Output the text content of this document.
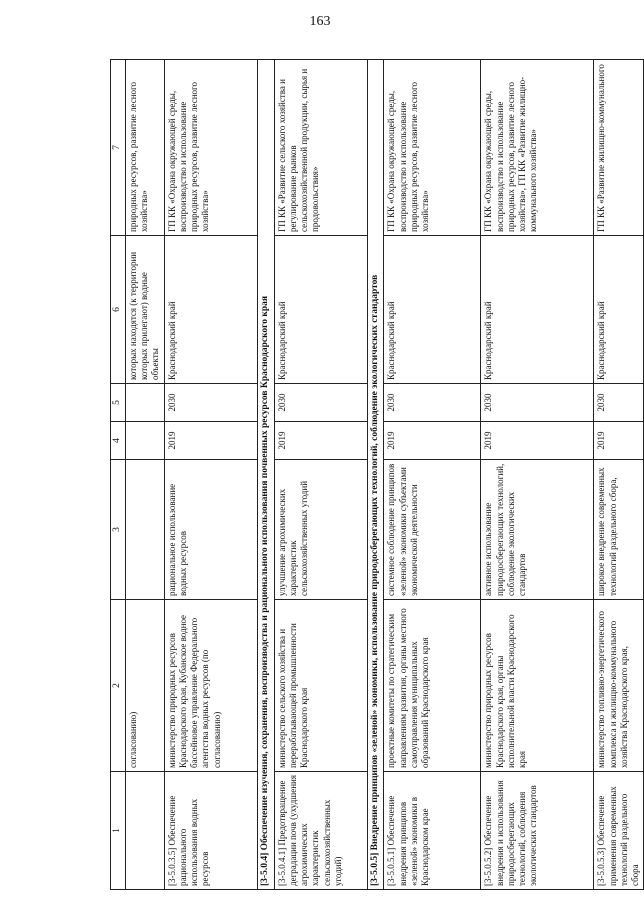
163
1	2	3	4	5	6	7
	согласованию)				которых находятся (к территории которых прилегают) водные объекты	природных ресурсов, развитие лесного хозяйства»
[3-5.0.3.5] Обеспечение рационального использования водных ресурсов	министерство природных ресурсов Краснодарского края, Кубанское водное бассейновое управление Федерального агентства водных ресурсов (по согласованию)	рациональное использование водных ресурсов	2019	2030	Краснодарский край	ГП КК «Охрана окружающей среды, воспроизводство и использование природных ресурсов, развитие лесного хозяйства»
[3-5.0.4] Обеспечение изучения, сохранения, воспроизводства и рационального использования почвенных ресурсов Краснодарского края						
[3-5.0.4.1] Предотвращение деградации почв (ухудшения агрохимических характеристик сельскохозяйственных угодий)	министерство сельского хозяйства и перерабатывающей промышленности Краснодарского края	улучшение агрохимических характеристик сельскохозяйственных угодий	2019	2030	Краснодарский край	ГП КК «Развитие сельского хозяйства и регулирование рынков сельскохозяйственной продукции, сырья и продовольствия»
[3-5.0.5] Внедрение принципов «зеленой» экономики, использование природосберегающих технологий, соблюдение экологических стандартов						
[3-5.0.5.1] Обеспечение внедрения принципов «зеленой» экономики в Краснодарском крае	проектные комитеты по стратегическим направлениям развития, органы местного самоуправления муниципальных образований Краснодарского края	системное соблюдение принципов «зеленой» экономики субъектами экономической деятельности	2019	2030	Краснодарский край	ГП КК «Охрана окружающей среды, воспроизводство и использование природных ресурсов, развитие лесного хозяйства»
[3-5.0.5.2] Обеспечение внедрения и использования природосберегающих технологий, соблюдения экологических стандартов	министерство природных ресурсов Краснодарского края, органы исполнительной власти Краснодарского края	активное использование природосберегающих технологий, соблюдение экологических стандартов	2019	2030	Краснодарский край	ГП КК «Охрана окружающей среды, воспроизводство и использование природных ресурсов, развитие лесного хозяйства», ГП КК «Развитие жилищно-коммунального хозяйства»
[3-5.0.5.3] Обеспечение применения современных технологий раздельного сбора	министерство топливно-энергетического комплекса и жилищно-коммунального хозяйства Краснодарского края,	широкое внедрение современных технологий раздельного сбора,	2019	2030	Краснодарский край	ГП КК «Развитие жилищно-коммунального
